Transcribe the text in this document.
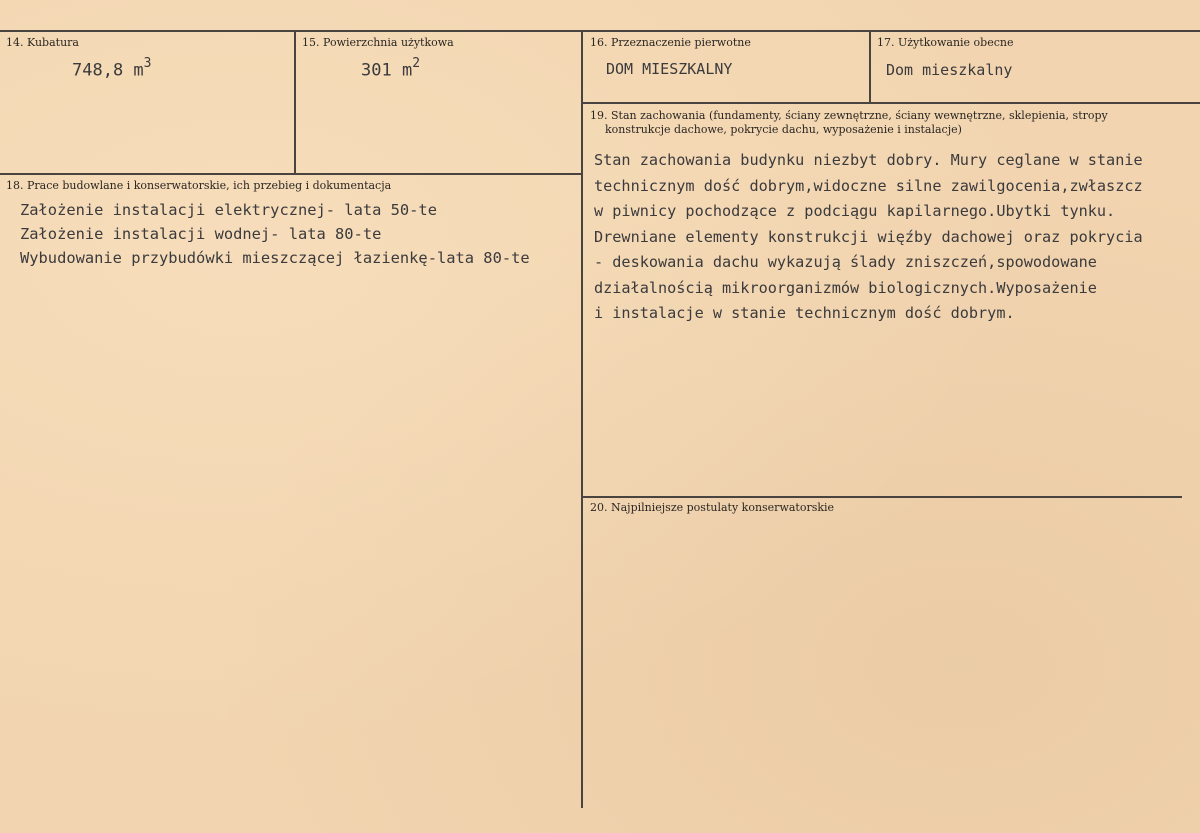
14. Kubatura
748,8 $m^3$
15. Powierzchnia użytkowa
301 $m^2$
16. Przeznaczenie pierwotne
DOM MIESZKALNY
17. Użytkowanie obecne
Dom mieszkalny
19. Stan zachowania (fundamenty, ściany zewnętrzne, ściany wewnętrzne, sklepienia, stropy
konstrukcje dachowe, pokrycie dachu, wyposażenie i instalacje)
Stan zachowania budynku niezbyt dobry. Mury ceglane w stanie
technicznym dość dobrym,widoczne silne zawilgocenia,zwłaszcz
w piwnicy pochodzące z podciągu kapilarnego.Ubytki tynku.
Drewniane elementy konstrukcji więźby dachowej oraz pokrycia
- deskowania dachu wykazują ślady zniszczeń,spowodowane
działalnością mikroorganizmów biologicznych.Wyposażenie
i instalacje w stanie technicznym dość dobrym.
18. Prace budowlane i konserwatorskie, ich przebieg i dokumentacja
Założenie instalacji elektrycznej- lata 50-te
Założenie instalacji wodnej- lata 80-te
Wybudowanie przybudówki mieszczącej łazienkę-lata 80-te
20. Najpilniejsze postulaty konserwatorskie
